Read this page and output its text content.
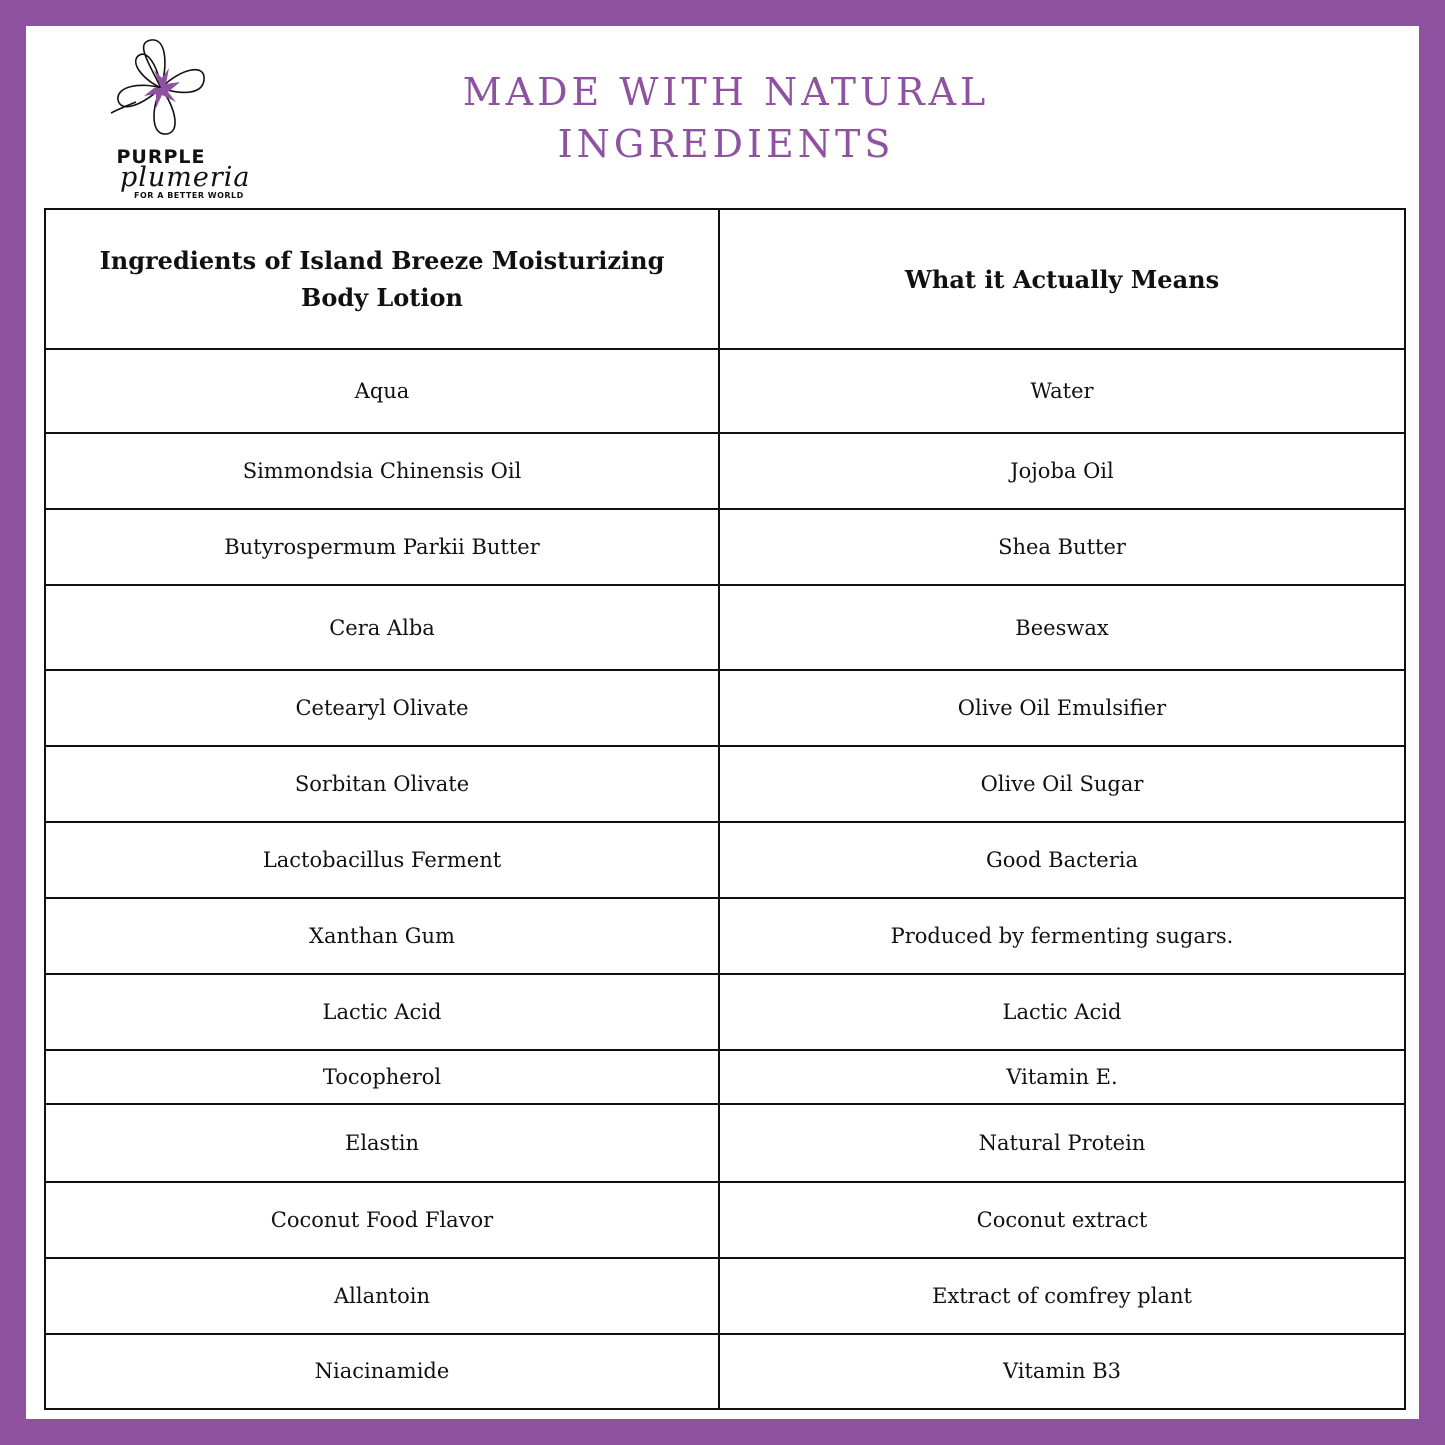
PURPLE
plumeria
FOR A BETTER WORLD
MADE WITH NATURAL
INGREDIENTS
Ingredients of Island Breeze Moisturizing Body Lotion	What it Actually Means
Aqua	Water
Simmondsia Chinensis Oil	Jojoba Oil
Butyrospermum Parkii Butter	Shea Butter
Cera Alba	Beeswax
Cetearyl Olivate	Olive Oil Emulsifier
Sorbitan Olivate	Olive Oil Sugar
Lactobacillus Ferment	Good Bacteria
Xanthan Gum	Produced by fermenting sugars.
Lactic Acid	Lactic Acid
Tocopherol	Vitamin E.
Elastin	Natural Protein
Coconut Food Flavor	Coconut extract
Allantoin	Extract of comfrey plant
Niacinamide	Vitamin B3
